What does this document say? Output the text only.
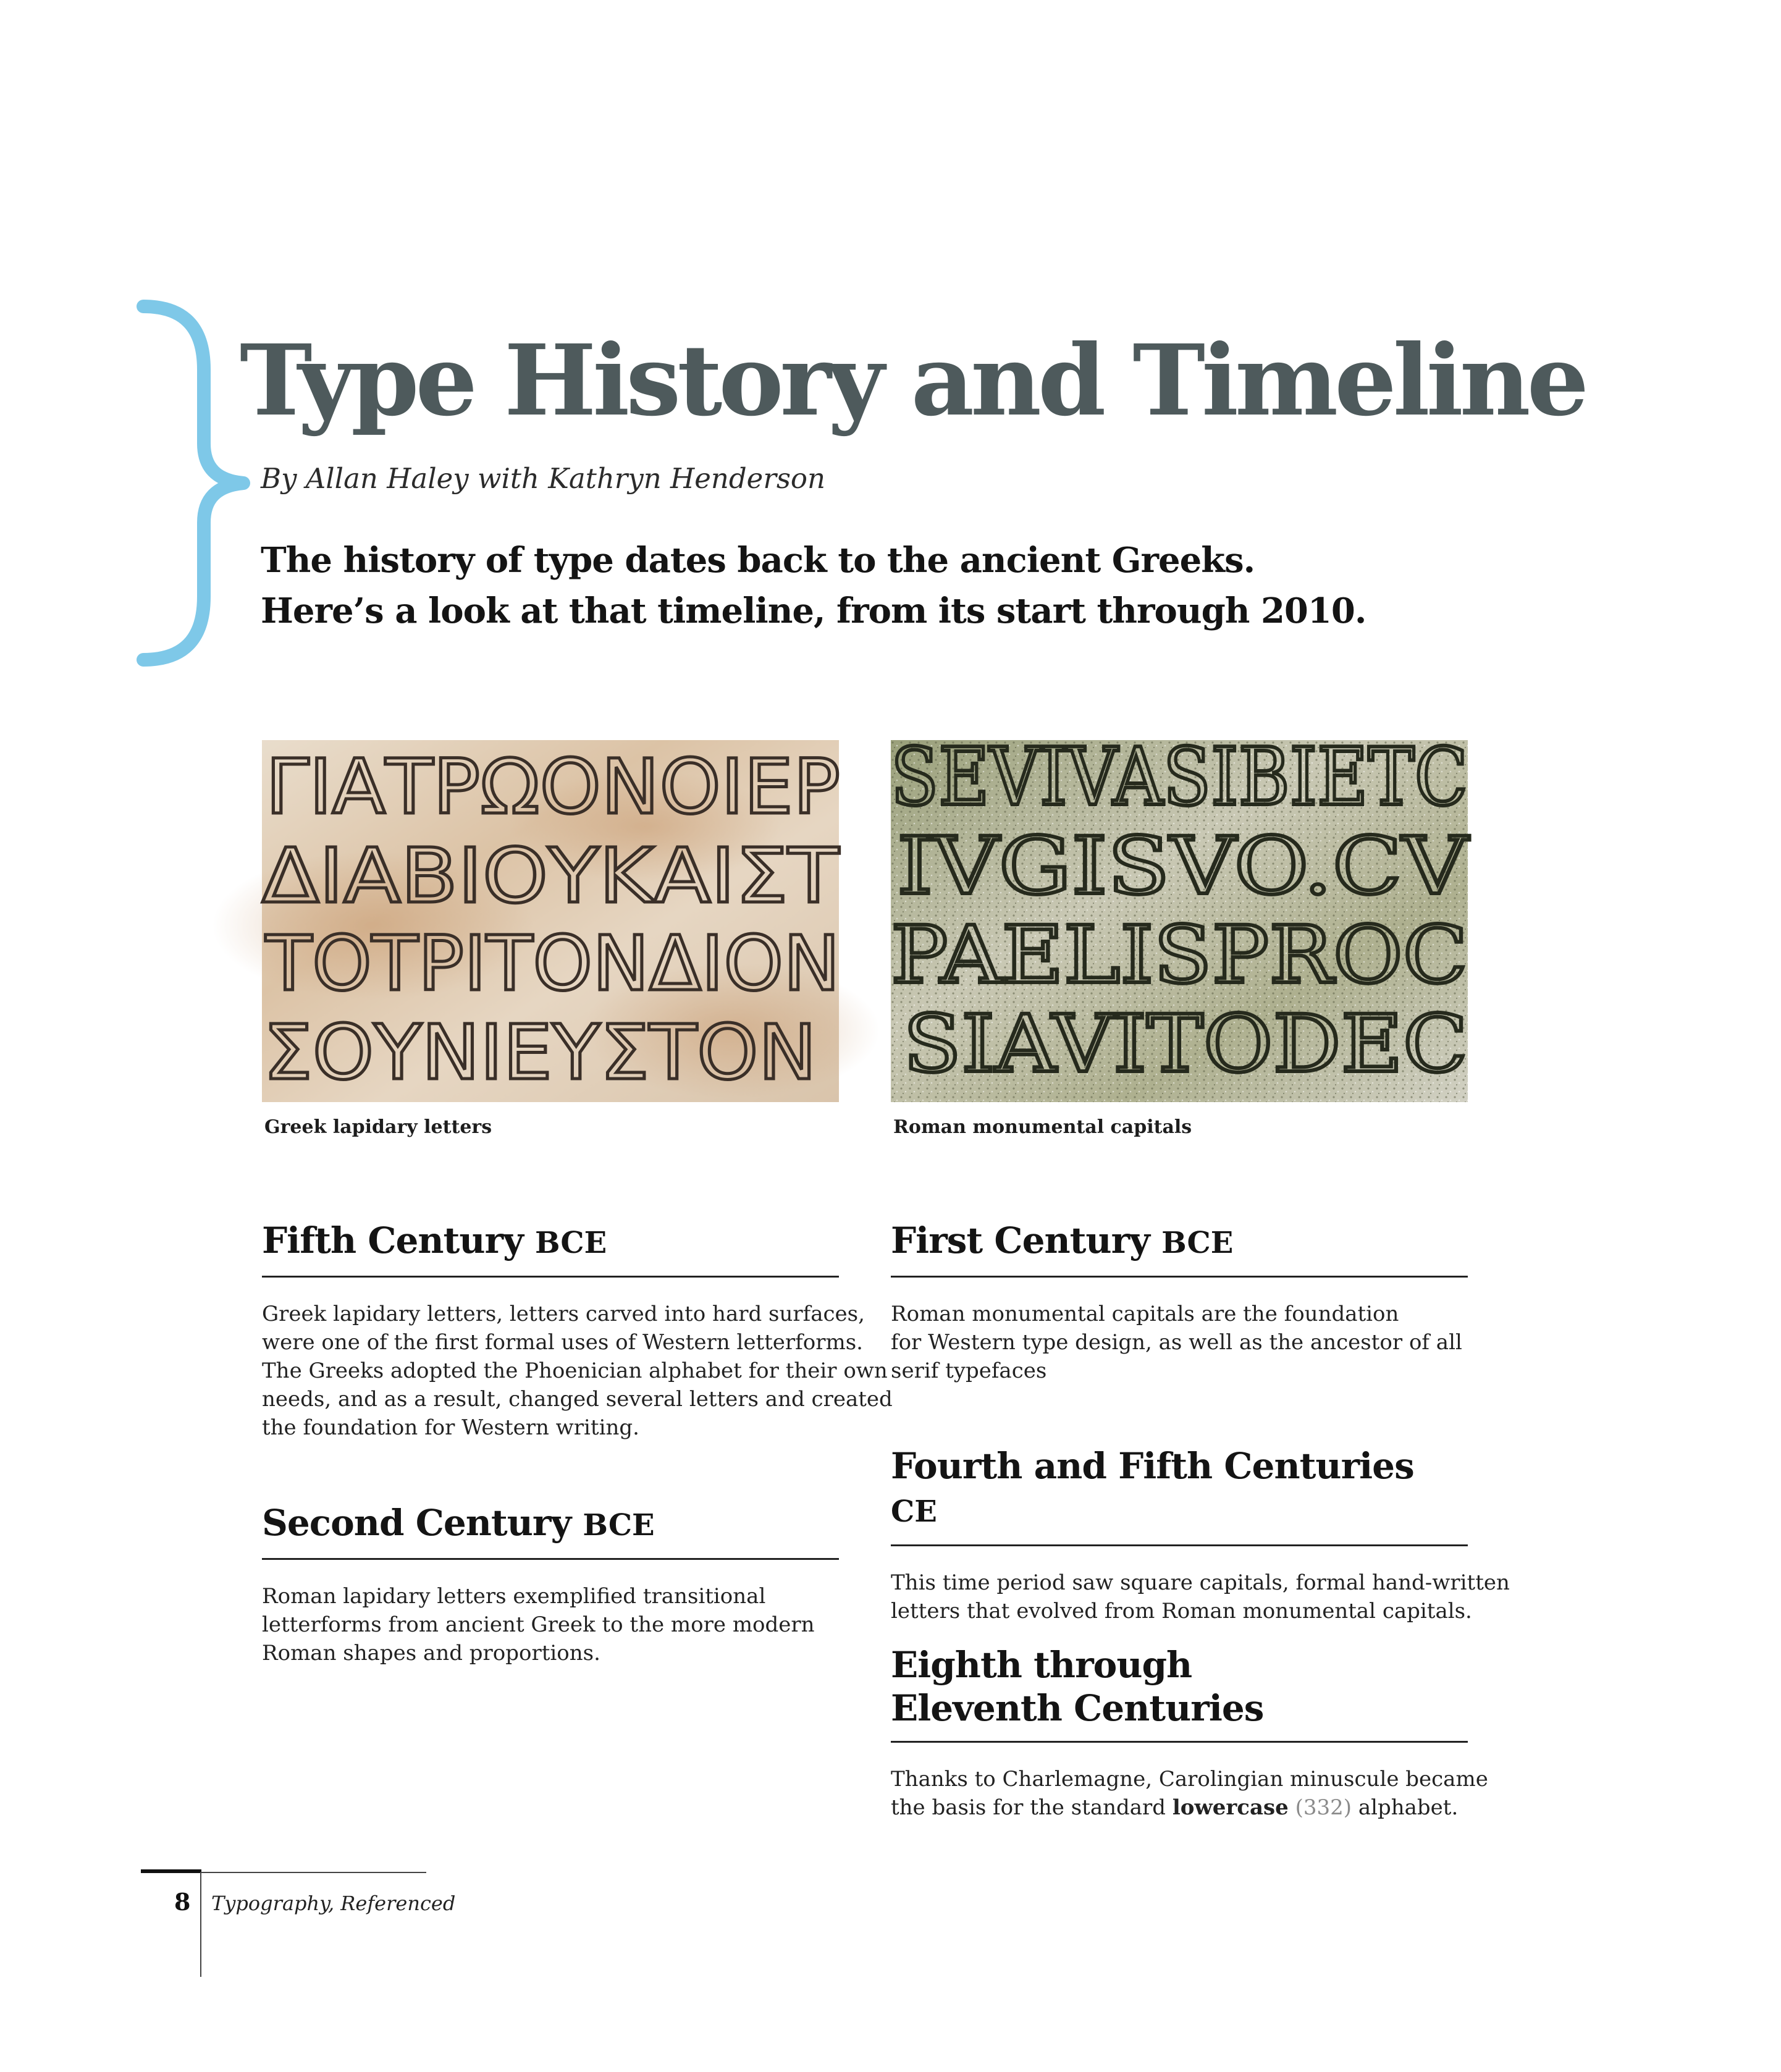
Type History and Timeline
By Allan Haley with Kathryn Henderson
The history of type dates back to the ancient Greeks.
Here’s a look at that timeline, from its start through 2010.
ΓΙΑΤΡΩΟΝΟΙΕΡ
ΔΙΑΒΙΟΥΚΑΙΣΤ
ΤΟΤΡΙΤΟΝΔΙΟΝ
ΣΟΥΝΙΕΥΣΤΟΝ
SEVIVASIBIETC
IVGISVO.CV
PAELISPROC
SIAVITODEC
Greek lapidary letters	Roman monumental capitals
Fifth Century BCE

Greek lapidary letters, letters carved into hard surfaces,
were one of the first formal uses of Western letterforms.
The Greeks adopted the Phoenician alphabet for their own
needs, and as a result, changed several letters and created
the foundation for Western writing.

Second Century BCE

Roman lapidary letters exemplified transitional
letterforms from ancient Greek to the more modern
Roman shapes and proportions.

First Century BCE

Roman monumental capitals are the foundation
for Western type design, as well as the ancestor of all
serif typefaces

Fourth and Fifth Centuries CE

This time period saw square capitals, formal hand-written
letters that evolved from Roman monumental capitals.

Eighth through
Eleventh Centuries

Thanks to Charlemagne, Carolingian minuscule became
the basis for the standard lowercase (332) alphabet.

8 Typography, Referenced
